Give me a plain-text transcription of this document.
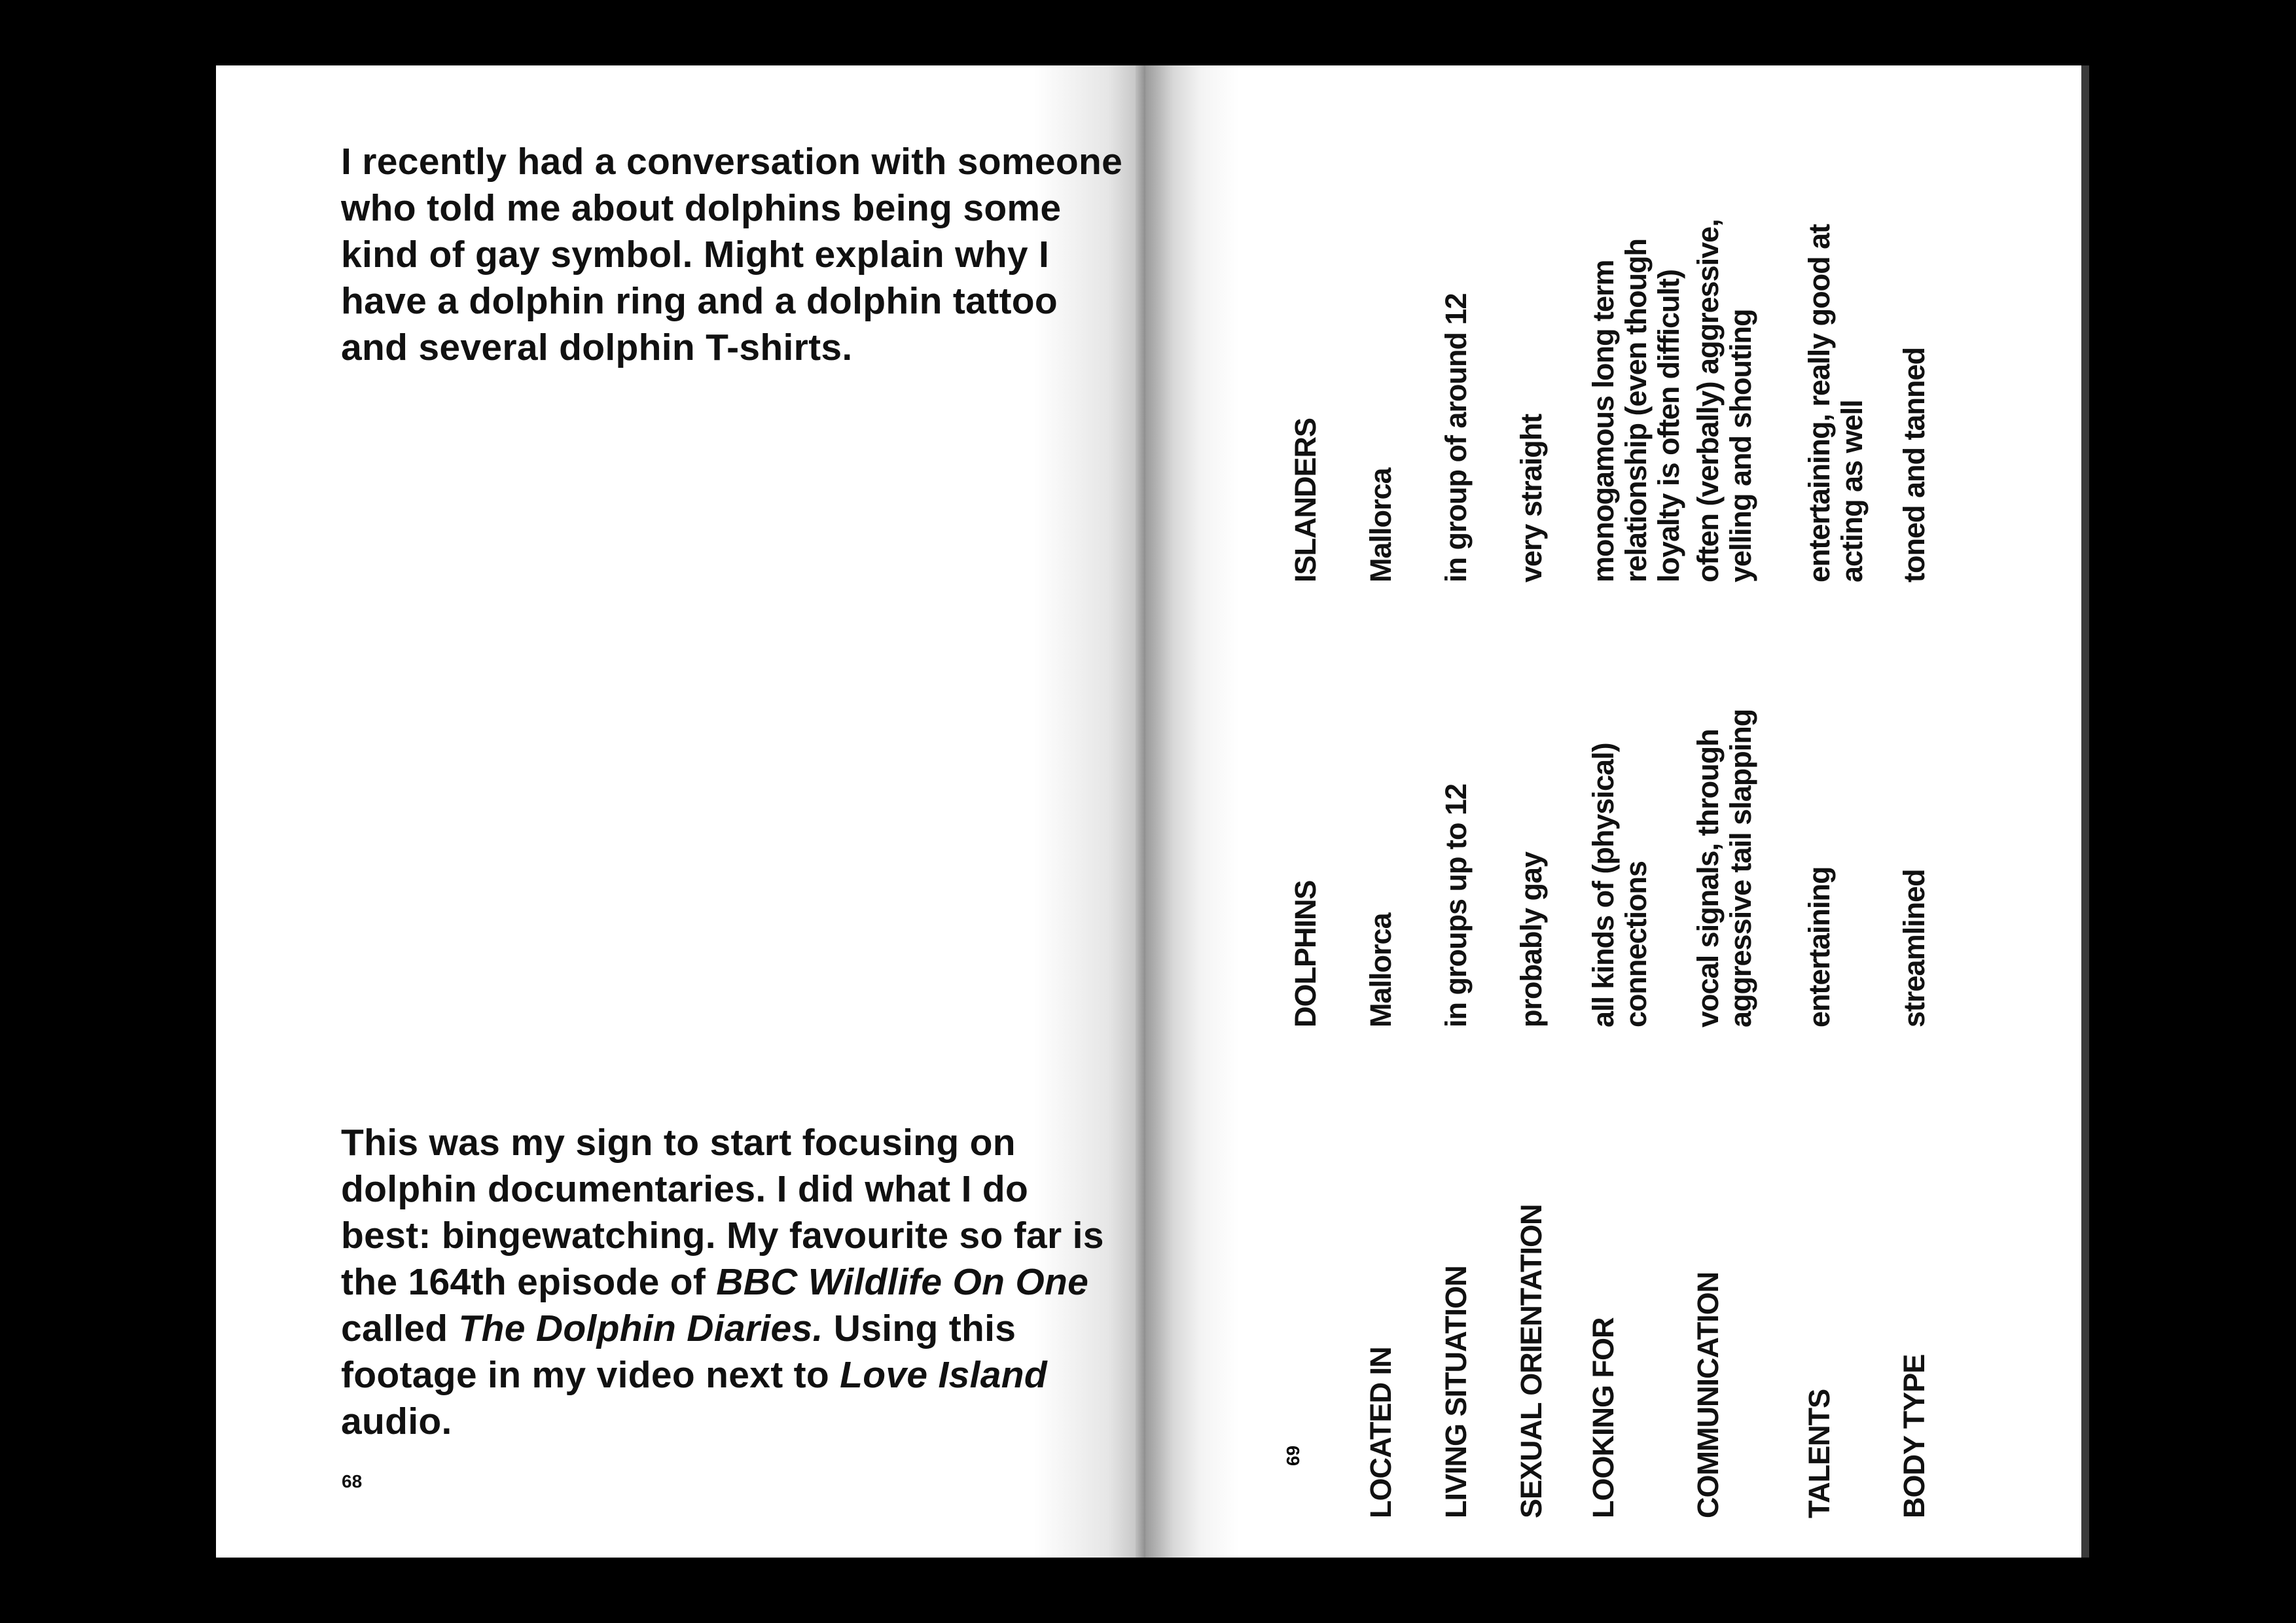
I recently had a conversation with someone who told me about dolphins being some kind of gay symbol. Might explain why I have a dolphin ring and a dolphin tattoo and several dolphin T-shirts.

This was my sign to start focusing on dolphin documentaries. I did what I do best: bingewatching. My favourite so far is the 164th episode of BBC Wildlife On One called The Dolphin Diaries. Using this footage in my video next to Love Island audio.

68
DOLPHINS
ISLANDERS
LOCATED IN
Mallorca
Mallorca
LIVING SITUATION
in groups up to 12
in group of around 12
SEXUAL ORIENTATION
probably gay
very straight
LOOKING FOR
all kinds of (physical) connections
monogamous long term relationship (even though loyalty is often difficult)
COMMUNICATION
vocal signals, through aggressive tail slapping
often (verbally) aggressive, yelling and shouting
TALENTS
entertaining
entertaining, really good at acting as well
BODY TYPE
streamlined
toned and tanned
69
